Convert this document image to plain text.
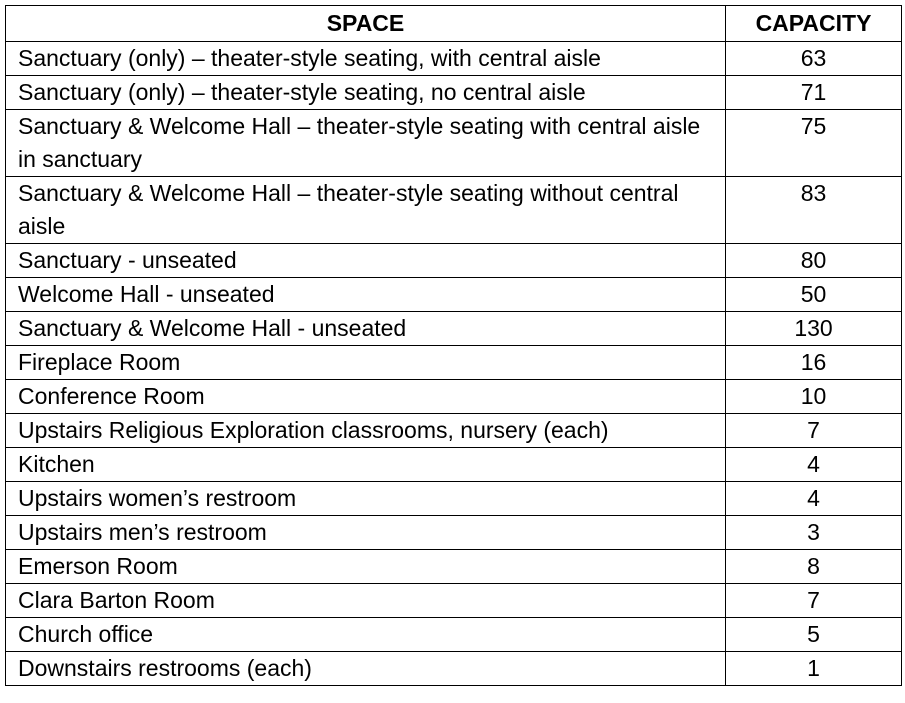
SPACE	CAPACITY
Sanctuary (only) – theater-style seating, with central aisle	63
Sanctuary (only) – theater-style seating, no central aisle	71
Sanctuary & Welcome Hall – theater-style seating with central aisle in sanctuary	75
Sanctuary & Welcome Hall – theater-style seating without central aisle	83
Sanctuary - unseated	80
Welcome Hall - unseated	50
Sanctuary & Welcome Hall - unseated	130
Fireplace Room	16
Conference Room	10
Upstairs Religious Exploration classrooms, nursery (each)	7
Kitchen	4
Upstairs women’s restroom	4
Upstairs men’s restroom	3
Emerson Room	8
Clara Barton Room	7
Church office	5
Downstairs restrooms (each)	1
